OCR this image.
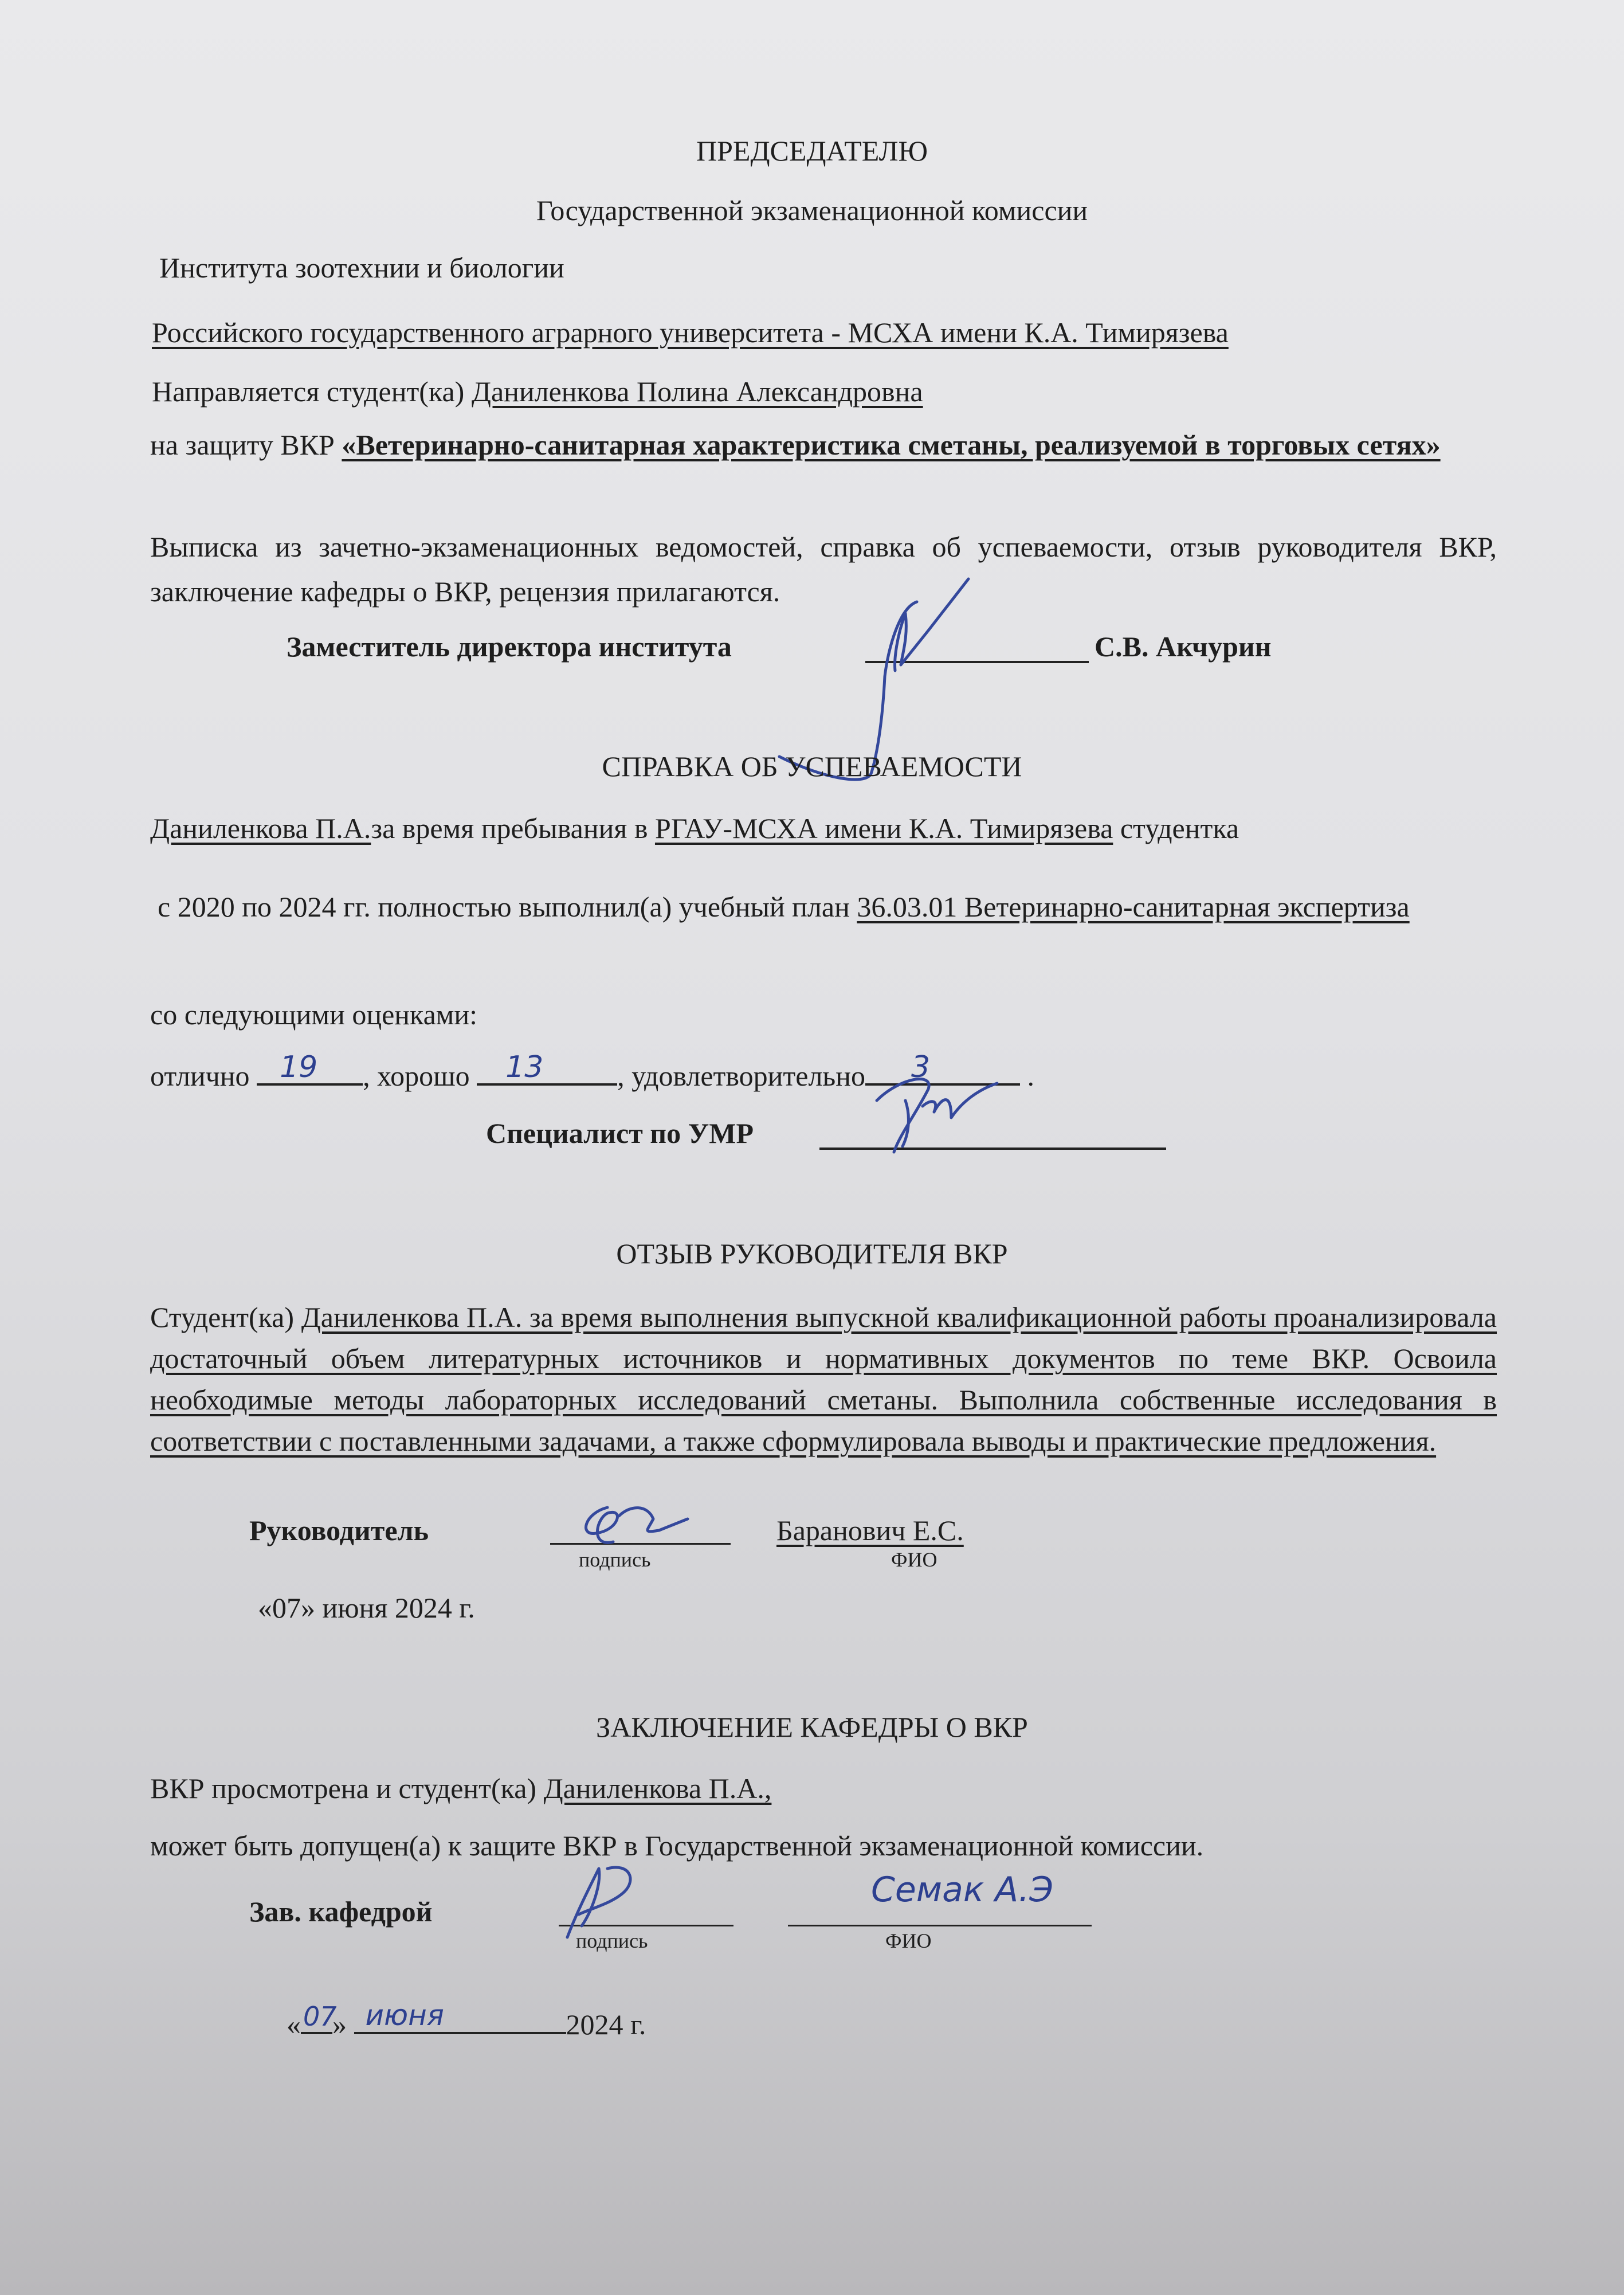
ПРЕДСЕДАТЕЛЮ
Государственной экзаменационной комиссии
Института зоотехнии и биологии
Российского государственного аграрного университета - МСХА имени К.А. Тимирязева
Направляется студент(ка) Даниленкова Полина Александровна
на защиту ВКР «Ветеринарно-санитарная характеристика сметаны, реализуемой в торговых сетях»
Выписка из зачетно-экзаменационных ведомостей, справка об успеваемости, отзыв руководителя ВКР, заключение кафедры о ВКР, рецензия прилагаются.
Заместитель директора института	С.В. Акчурин
СПРАВКА ОБ УСПЕВАЕМОСТИ
Даниленкова П.А.за время пребывания в РГАУ-МСХА имени К.А. Тимирязева студентка
с 2020 по 2024 гг. полностью выполнил(а) учебный план 36.03.01 Ветеринарно-санитарная экспертиза
со следующими оценками:
отлично 19 , хорошо 13	, удовлетворительно 3	.
Специалист по УМР
ОТЗЫВ РУКОВОДИТЕЛЯ ВКР
Студент(ка) Даниленкова П.А. за время выполнения выпускной квалификационной работы проанализировала достаточный объем литературных источников и нормативных документов по теме ВКР. Освоила необходимые методы лабораторных исследований сметаны. Выполнила собственные исследования в соответствии с поставленными задачами, а также сформулировала выводы и практические предложения.
Руководитель
подпись
Баранович Е.С.
ФИО
«07» июня 2024 г.
ЗАКЛЮЧЕНИЕ КАФЕДРЫ О ВКР
ВКР просмотрена и студент(ка) Даниленкова П.А.,
может быть допущен(а) к защите ВКР в Государственной экзаменационной комиссии.
Зав. кафедрой
подпись
Семак А.Э
ФИО
« 07
» июня	2024 г.
